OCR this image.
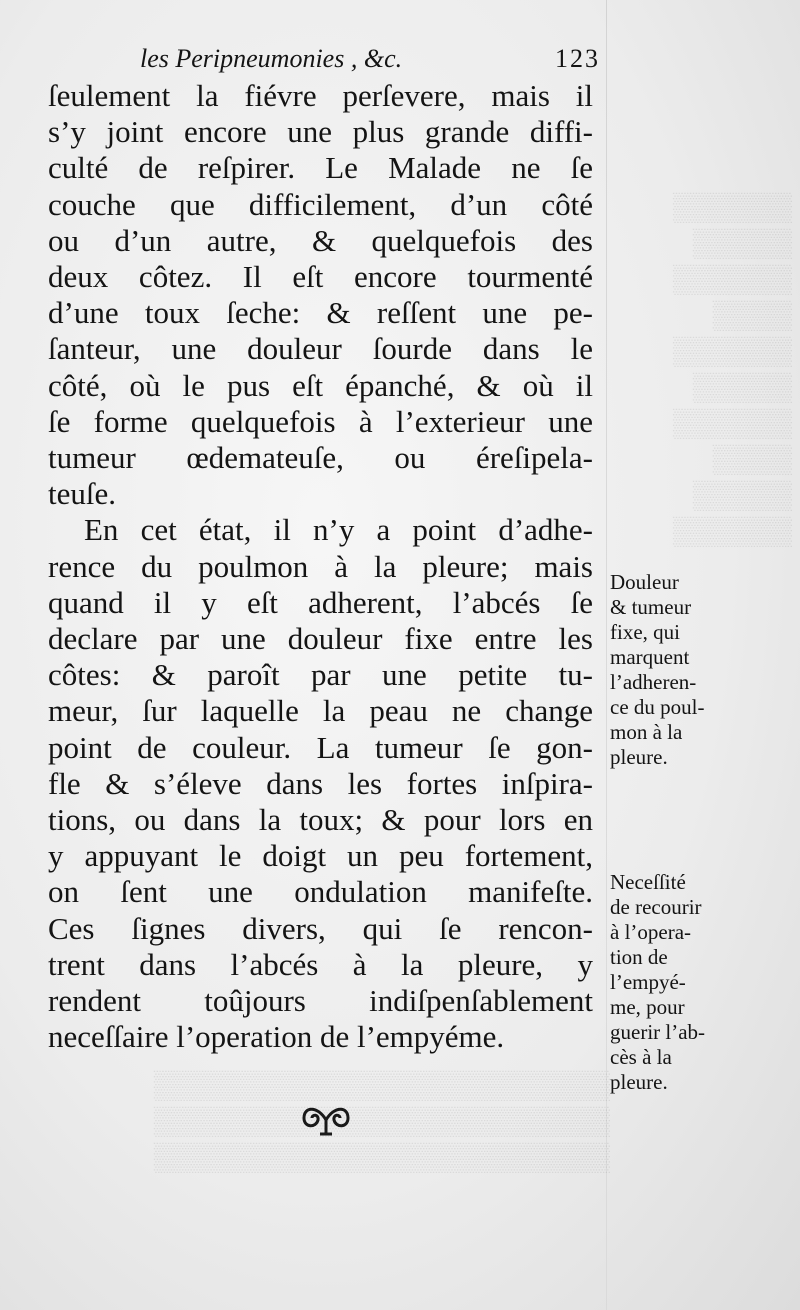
▒▒▒▒▒▒
▒▒▒▒▒
▒▒▒▒▒▒
▒▒▒▒
▒▒▒▒▒▒
▒▒▒▒▒
▒▒▒▒▒▒
▒▒▒▒
▒▒▒▒▒
▒▒▒▒▒▒
▒▒▒▒▒▒▒▒▒▒▒▒▒▒▒▒▒▒▒▒▒▒▒
▒▒▒▒▒▒▒▒▒▒▒▒▒▒▒▒▒▒▒▒▒▒▒
▒▒▒▒▒▒▒▒▒▒▒▒▒▒▒▒▒▒▒▒▒▒▒
les Peripneumonies , &c.	123
ſeulement la fiévre perſevere, mais il
s’y joint encore une plus grande diffi-
culté de reſpirer. Le Malade ne ſe
couche que difficilement, d’un côté
ou d’un autre, & quelquefois des
deux côtez. Il eſt encore tourmenté
d’une toux ſeche: & reſſent une pe-
ſanteur, une douleur ſourde dans le
côté, où le pus eſt épanché, & où il
ſe forme quelquefois à l’exterieur une
tumeur œdemateuſe, ou éreſipela-
teuſe.
En cet état, il n’y a point d’adhe-
rence du poulmon à la pleure; mais
quand il y eſt adherent, l’abcés ſe
declare par une douleur fixe entre les
côtes: & paroît par une petite tu-
meur, ſur laquelle la peau ne change
point de couleur. La tumeur ſe gon-
fle & s’éleve dans les fortes inſpira-
tions, ou dans la toux; & pour lors en
y appuyant le doigt un peu fortement,
on ſent une ondulation manifeſte.
Ces ſignes divers, qui ſe rencon-
trent dans l’abcés à la pleure, y
rendent toûjours indiſpenſablement
neceſſaire l’operation de l’empyéme.
Douleur
& tumeur
fixe, qui
marquent
l’adheren-
ce du poul-
mon à la
pleure.
Neceſſité
de recourir
à l’opera-
tion de
l’empyé-
me, pour
guerir l’ab-
cès à la
pleure.
